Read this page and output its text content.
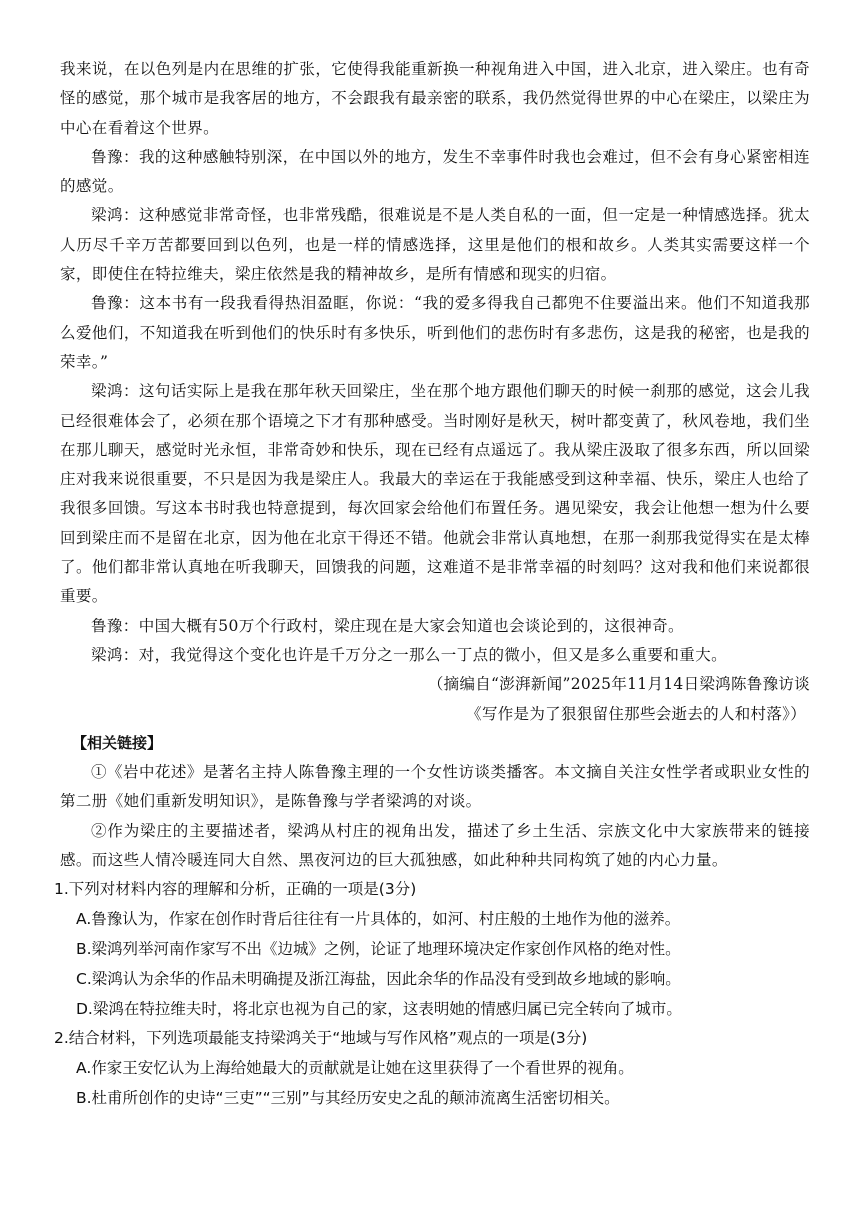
我来说，在以色列是内在思维的扩张，它使得我能重新换一种视角进入中国，进入北京，进入梁庄。也有奇怪的感觉，那个城市是我客居的地方，不会跟我有最亲密的联系，我仍然觉得世界的中心在梁庄，以梁庄为中心在看着这个世界。

鲁豫：我的这种感触特别深，在中国以外的地方，发生不幸事件时我也会难过，但不会有身心紧密相连的感觉。

梁鸿：这种感觉非常奇怪，也非常残酷，很难说是不是人类自私的一面，但一定是一种情感选择。犹太人历尽千辛万苦都要回到以色列，也是一样的情感选择，这里是他们的根和故乡。人类其实需要这样一个家，即使住在特拉维夫，梁庄依然是我的精神故乡，是所有情感和现实的归宿。

鲁豫：这本书有一段我看得热泪盈眶，你说：“我的爱多得我自己都兜不住要溢出来。他们不知道我那么爱他们，不知道我在听到他们的快乐时有多快乐，听到他们的悲伤时有多悲伤，这是我的秘密，也是我的荣幸。”

梁鸿：这句话实际上是我在那年秋天回梁庄，坐在那个地方跟他们聊天的时候一刹那的感觉，这会儿我已经很难体会了，必须在那个语境之下才有那种感受。当时刚好是秋天，树叶都变黄了，秋风卷地，我们坐在那儿聊天，感觉时光永恒，非常奇妙和快乐，现在已经有点遥远了。我从梁庄汲取了很多东西，所以回梁庄对我来说很重要，不只是因为我是梁庄人。我最大的幸运在于我能感受到这种幸福、快乐，梁庄人也给了我很多回馈。写这本书时我也特意提到，每次回家会给他们布置任务。遇见梁安，我会让他想一想为什么要回到梁庄而不是留在北京，因为他在北京干得还不错。他就会非常认真地想，在那一刹那我觉得实在是太棒了。他们都非常认真地在听我聊天，回馈我的问题，这难道不是非常幸福的时刻吗？这对我和他们来说都很重要。

鲁豫：中国大概有50万个行政村，梁庄现在是大家会知道也会谈论到的，这很神奇。

梁鸿：对，我觉得这个变化也许是千万分之一那么一丁点的微小，但又是多么重要和重大。

（摘编自“澎湃新闻”2025年11月14日梁鸿陈鲁豫访谈

《写作是为了狠狠留住那些会逝去的人和村落》）

【相关链接】

①《岩中花述》是著名主持人陈鲁豫主理的一个女性访谈类播客。本文摘自关注女性学者或职业女性的第二册《她们重新发明知识》，是陈鲁豫与学者梁鸿的对谈。

②作为梁庄的主要描述者，梁鸿从村庄的视角出发，描述了乡土生活、宗族文化中大家族带来的链接感。而这些人情冷暖连同大自然、黑夜河边的巨大孤独感，如此种种共同构筑了她的内心力量。

1.下列对材料内容的理解和分析，正确的一项是(3分)

A.鲁豫认为，作家在创作时背后往往有一片具体的，如河、村庄般的土地作为他的滋养。

B.梁鸿列举河南作家写不出《边城》之例，论证了地理环境决定作家创作风格的绝对性。

C.梁鸿认为余华的作品未明确提及浙江海盐，因此余华的作品没有受到故乡地域的影响。

D.梁鸿在特拉维夫时，将北京也视为自己的家，这表明她的情感归属已完全转向了城市。

2.结合材料，下列选项最能支持梁鸿关于“地域与写作风格”观点的一项是(3分)

A.作家王安忆认为上海给她最大的贡献就是让她在这里获得了一个看世界的视角。

B.杜甫所创作的史诗“三吏”“三别”与其经历安史之乱的颠沛流离生活密切相关。
